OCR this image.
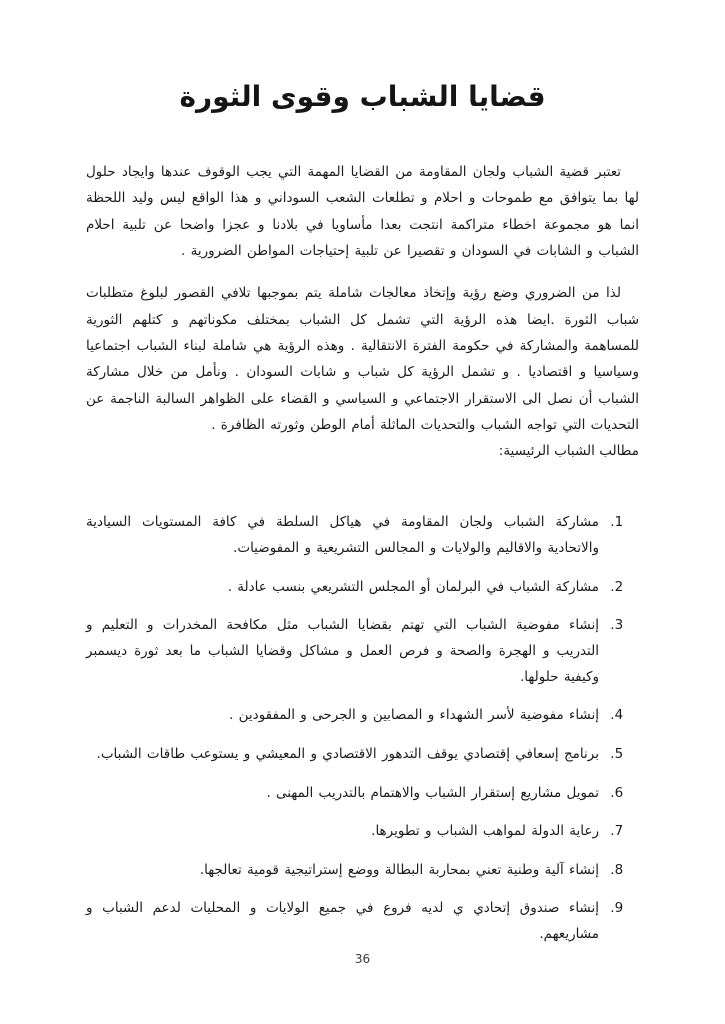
قضايا الشباب وقوى الثورة

تعتبر قضية الشباب ولجان المقاومة من القضايا المهمة التي يجب الوقوف عندها وايجاد حلول لها بما يتوافق مع طموحات و احلام و تطلعات الشعب السوداني و هذا الواقع ليس وليد اللحظة انما هو مجموعة اخطاء متراكمة انتجت بعدا مأساويا في بلادنا و عجزا واضحا عن تلبية احلام الشباب و الشابات في السودان و تقصيرا عن تلبية إحتياجات المواطن الضرورية .

لذا من الضروري وضع رؤية وإتخاذ معالجات شاملة يتم بموجبها تلافي القصور لبلوغ متطلبات شباب الثورة .ايضا هذه الرؤية التي تشمل كل الشباب بمختلف مكوناتهم و كتلهم الثورية للمساهمة والمشاركة في حكومة الفترة الانتقالية . وهذه الرؤية هي شاملة لبناء الشباب اجتماعيا وسياسيا و اقتصاديا . و تشمل الرؤية كل شباب و شابات السودان . ونأمل من خلال مشاركة الشباب أن نصل الى الاستقرار الاجتماعي و السياسي و القضاء على الظواهر السالبة الناجمة عن التحديات التي تواجه الشباب والتحديات الماثلة أمام الوطن وثورته الظافرة .

مطالب الشباب الرئيسية:

1. مشاركة الشباب ولجان المقاومة في هياكل السلطة في كافة المستويات السيادية والاتحادية والاقاليم والولايات و المجالس التشريعية و المفوضيات.
2. مشاركة الشباب في البرلمان أو المجلس التشريعي بنسب عادلة .
3. إنشاء مفوضية الشباب التي تهتم بقضايا الشباب مثل مكافحة المخدرات و التعليم و التدريب و الهجرة والصحة و فرص العمل و مشاكل وقضايا الشباب ما بعد ثورة ديسمبر وكيفية حلولها.
4. إنشاء مفوضية لأسر الشهداء و المصابين و الجرحى و المفقودين .
5. برنامج إسعافي إقتصادي يوقف التدهور الاقتصادي و المعيشي و يستوعب طاقات الشباب.
6. تمويل مشاريع إستقرار الشباب والاهتمام بالتدريب المهنى .
7. رعاية الدولة لمواهب الشباب و تطويرها.
8. إنشاء آلية وطنية تعني بمحاربة البطالة ووضع إستراتيجية قومية تعالجها.
9. إنشاء صندوق إتحادي ي لديه فروع في جميع الولايات و المحليات لدعم الشباب و مشاريعهم.
36
